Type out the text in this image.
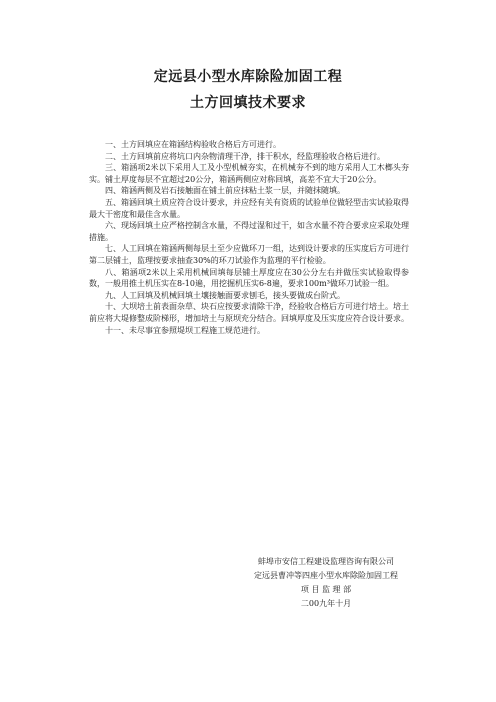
定远县小型水库除险加固工程
土方回填技术要求
一、土方回填应在箱涵结构验收合格后方可进行。
二、土方回填前应将坑口内杂物清理干净，排干积水，经监理验收合格后进行。
三、箱涵项2米以下采用人工及小型机械夯实，在机械夯不到的地方采用人工木榔头夯实。铺土厚度每层不宜超过20公分，箱涵两侧应对称回填，高差不宜大于20公分。
四、箱涵两侧及岩石接触面在铺土前应抹粘土浆一层，并随抹随填。
五、箱涵回填土质应符合设计要求，并应经有关有资质的试验单位做轻型击实试验取得最大干密度和最佳含水量。
六、现场回填土应严格控制含水量，不得过湿和过干，如含水量不符合要求应采取处理措施。
七、人工回填在箱涵两侧每层土至少应做环刀一组，达到设计要求的压实度后方可进行第二层铺土，监理按要求抽查30%的环刀试验作为监理的平行检验。
八、箱涵项2米以上采用机械回填每层铺土厚度应在30公分左右并做压实试验取得参数，一般用推土机压实在8-10遍，用挖掘机压实6-8遍，要求100m³做环刀试验一组。
九、人工回填及机械回填土壤接触面要求刨毛，接头要做成台阶式。
十、大坝培土前表面杂草、块石应按要求清除干净，经验收合格后方可进行培土。培土前应将大堤修整成阶梯形，增加培土与原坝充分结合。回填厚度及压实度应符合设计要求。
十一、未尽事宜参照堤坝工程施工规范进行。
蚌埠市安信工程建设监理咨询有限公司
定远县曹冲等四座小型水库除险加固工程
项 目 监 理 部
二00九年十月
